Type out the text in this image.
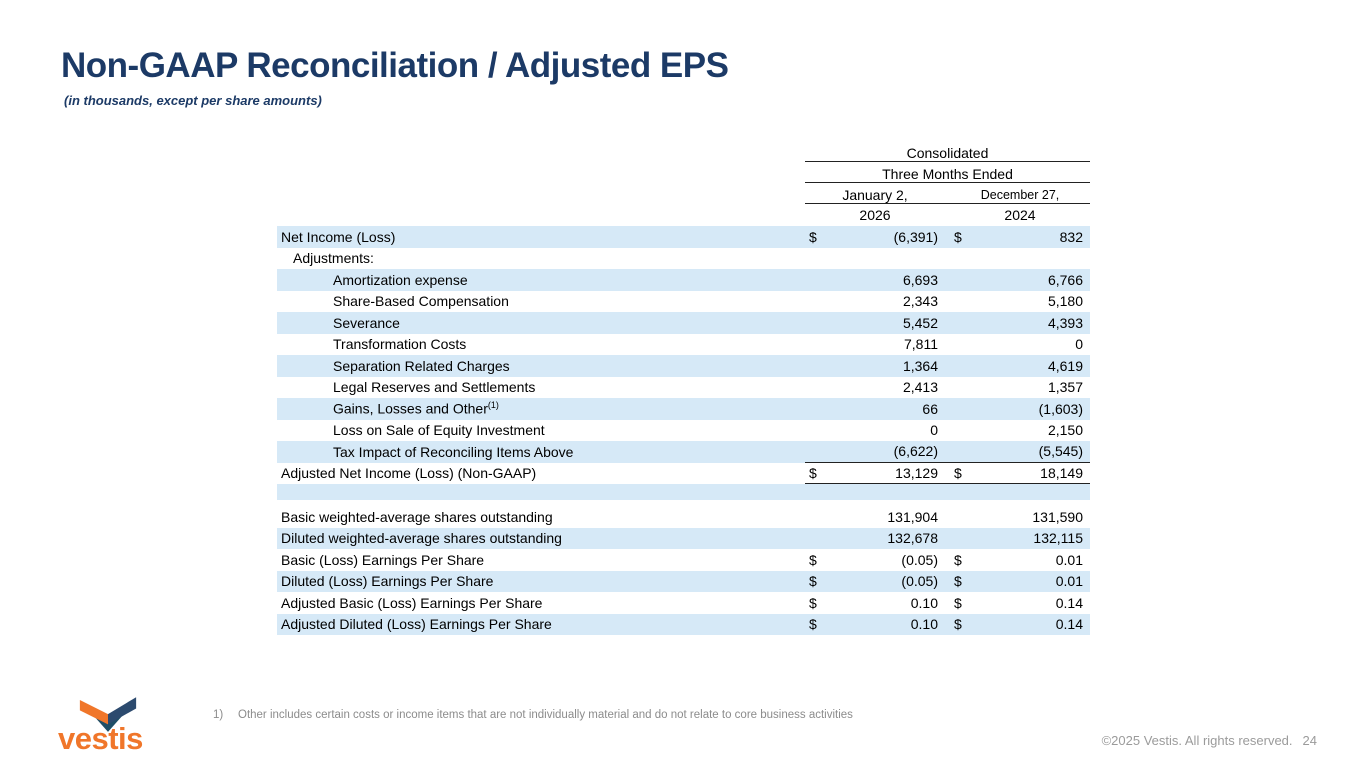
Non-GAAP Reconciliation / Adjusted EPS
(in thousands, except per share amounts)
Consolidated
Three Months Ended
January 2,	December 27,
2026	2024
Net Income (Loss)	$	(6,391)	$	832
Adjustments:
Amortization expense	6,693	6,766
Share-Based Compensation	2,343	5,180
Severance	5,452	4,393
Transformation Costs	7,811	0
Separation Related Charges	1,364	4,619
Legal Reserves and Settlements	2,413	1,357
Gains, Losses and Other$^{(1)}$	66	(1,603)
Loss on Sale of Equity Investment	0	2,150
Tax Impact of Reconciling Items Above	(6,622)	(5,545)
Adjusted Net Income (Loss) (Non-GAAP)	$	13,129	$	18,149
Basic weighted-average shares outstanding	131,904	131,590
Diluted weighted-average shares outstanding	132,678	132,115
Basic (Loss) Earnings Per Share	$	(0.05)	$	0.01
Diluted (Loss) Earnings Per Share	$	(0.05)	$	0.01
Adjusted Basic (Loss) Earnings Per Share	$	0.10	$	0.14
Adjusted Diluted (Loss) Earnings Per Share	$	0.10	$	0.14
vestis
1)	Other includes certain costs or income items that are not individually material and do not relate to core business activities
©2025 Vestis. All rights reserved. 24
